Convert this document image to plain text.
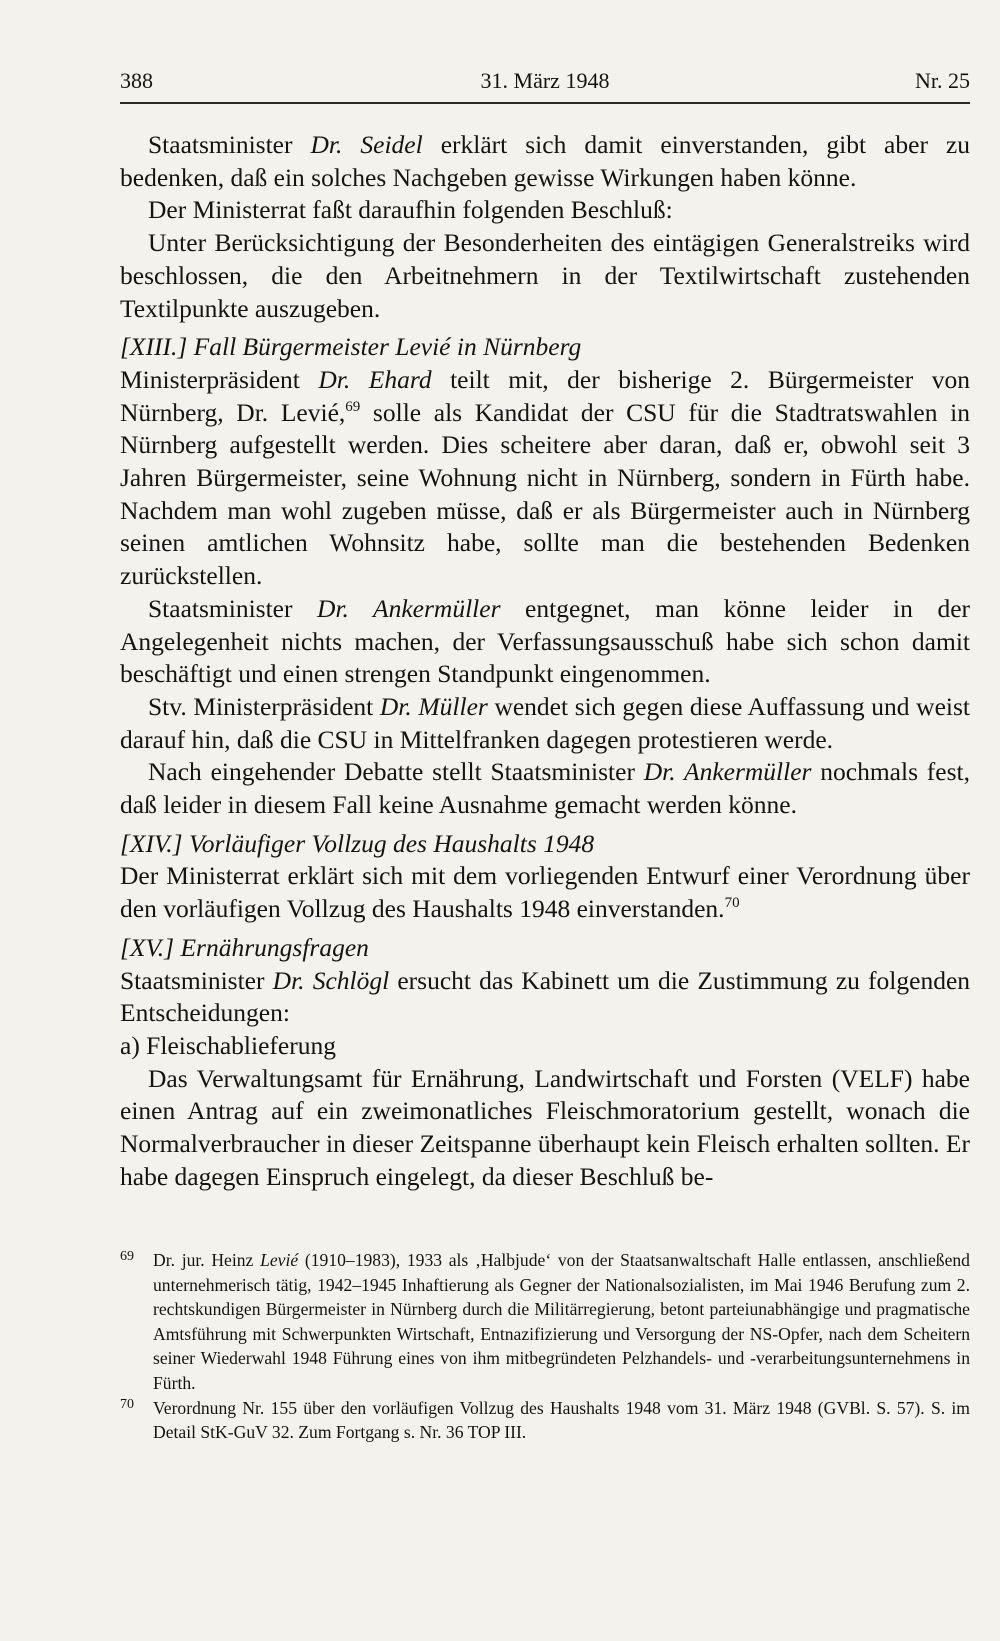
388	31. März 1948	Nr. 25

Staatsminister Dr. Seidel erklärt sich damit einverstanden, gibt aber zu bedenken, daß ein solches Nachgeben gewisse Wirkungen haben könne.

Der Ministerrat faßt daraufhin folgenden Beschluß:

Unter Berücksichtigung der Besonderheiten des eintägigen Generalstreiks wird beschlossen, die den Arbeitnehmern in der Textilwirtschaft zustehenden Textilpunkte auszugeben.

[XIII.] Fall Bürgermeister Levié in Nürnberg

Ministerpräsident Dr. Ehard teilt mit, der bisherige 2. Bürgermeister von Nürnberg, Dr. Levié,$^{69}$ solle als Kandidat der CSU für die Stadtratswahlen in Nürnberg aufgestellt werden. Dies scheitere aber daran, daß er, obwohl seit 3 Jahren Bürgermeister, seine Wohnung nicht in Nürnberg, sondern in Fürth habe. Nachdem man wohl zugeben müsse, daß er als Bürgermeister auch in Nürnberg seinen amtlichen Wohnsitz habe, sollte man die bestehenden Bedenken zurückstellen.

Staatsminister Dr. Ankermüller entgegnet, man könne leider in der Angelegenheit nichts machen, der Verfassungsausschuß habe sich schon damit beschäftigt und einen strengen Standpunkt eingenommen.

Stv. Ministerpräsident Dr. Müller wendet sich gegen diese Auffassung und weist darauf hin, daß die CSU in Mittelfranken dagegen protestieren werde.

Nach eingehender Debatte stellt Staatsminister Dr. Ankermüller nochmals fest, daß leider in diesem Fall keine Ausnahme gemacht werden könne.

[XIV.] Vorläufiger Vollzug des Haushalts 1948

Der Ministerrat erklärt sich mit dem vorliegenden Entwurf einer Verordnung über den vorläufigen Vollzug des Haushalts 1948 einverstanden.$^{70}$

[XV.] Ernährungsfragen

Staatsminister Dr. Schlögl ersucht das Kabinett um die Zustimmung zu folgenden Entscheidungen:

a) Fleischablieferung

Das Verwaltungsamt für Ernährung, Landwirtschaft und Forsten (VELF) habe einen Antrag auf ein zweimonatliches Fleischmoratorium gestellt, wonach die Normalverbraucher in dieser Zeitspanne überhaupt kein Fleisch erhalten sollten. Er habe dagegen Einspruch eingelegt, da dieser Beschluß be-

69 Dr. jur. Heinz Levié (1910–1983), 1933 als ‚Halbjude‘ von der Staatsanwaltschaft Halle entlassen, anschließend unternehmerisch tätig, 1942–1945 Inhaftierung als Gegner der Nationalsozialisten, im Mai 1946 Berufung zum 2. rechtskundigen Bürgermeister in Nürnberg durch die Militärregierung, betont parteiunabhängige und pragmatische Amtsführung mit Schwerpunkten Wirtschaft, Entnazifizierung und Versorgung der NS-Opfer, nach dem Scheitern seiner Wiederwahl 1948 Führung eines von ihm mitbegründeten Pelzhandels- und -verarbeitungsunternehmens in Fürth.

70 Verordnung Nr. 155 über den vorläufigen Vollzug des Haushalts 1948 vom 31. März 1948 (GVBl. S. 57). S. im Detail StK-GuV 32. Zum Fortgang s. Nr. 36 TOP III.
